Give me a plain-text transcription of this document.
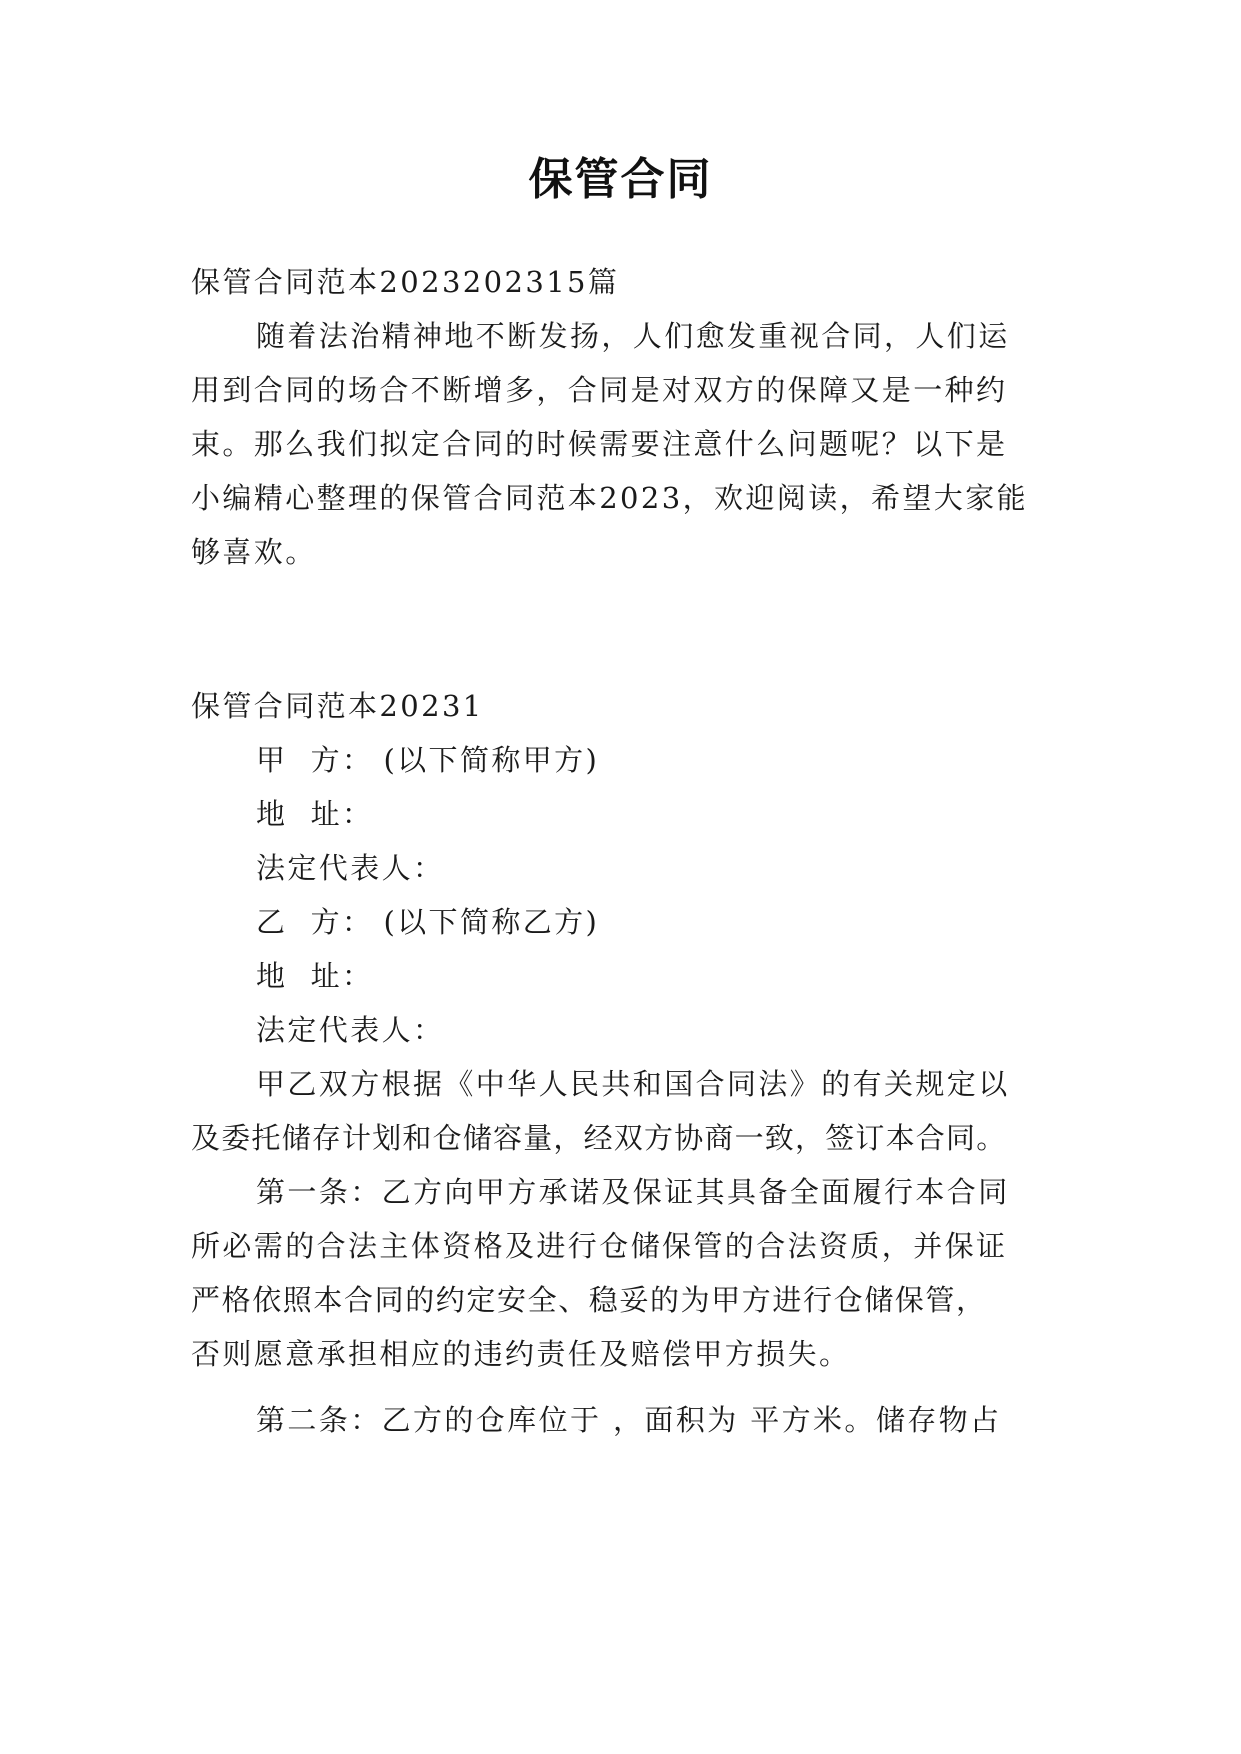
保管合同
保管合同范本2023202315篇
随着法治精神地不断发扬，人们愈发重视合同，人们运
用到合同的场合不断增多，合同是对双方的保障又是一种约
束。那么我们拟定合同的时候需要注意什么问题呢？以下是
小编精心整理的保管合同范本2023，欢迎阅读，希望大家能
够喜欢。
保管合同范本20231
甲  方： (以下简称甲方)
地  址：
法定代表人：
乙  方： (以下简称乙方)
地  址：
法定代表人：
甲乙双方根据《中华人民共和国合同法》的有关规定以
及委托储存计划和仓储容量，经双方协商一致，签订本合同。
第一条：乙方向甲方承诺及保证其具备全面履行本合同
所必需的合法主体资格及进行仓储保管的合法资质，并保证
严格依照本合同的约定安全、稳妥的为甲方进行仓储保管，
否则愿意承担相应的违约责任及赔偿甲方损失。
第二条：乙方的仓库位于 ，面积为 平方米。储存物占
